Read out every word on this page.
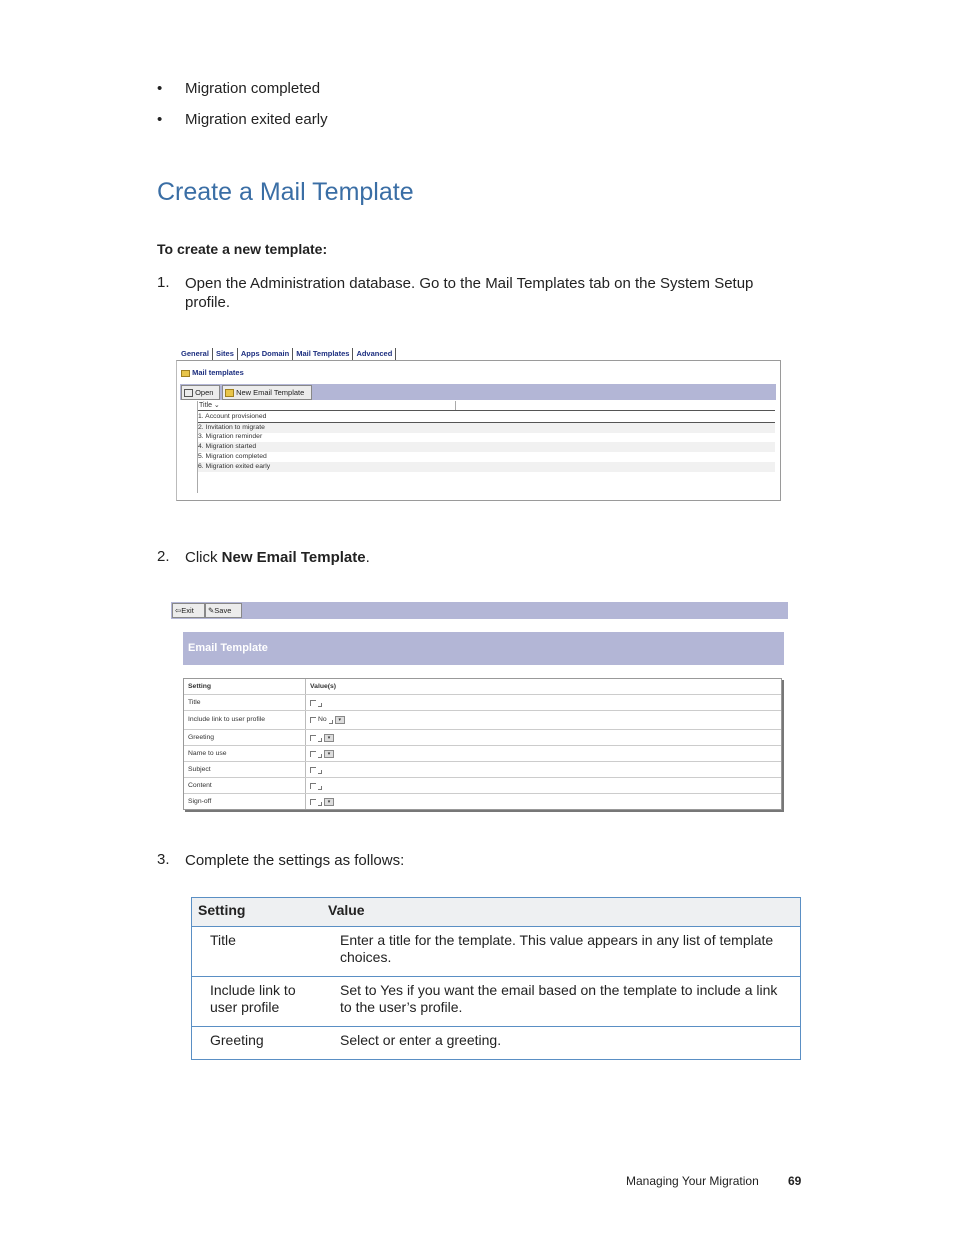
• Migration completed
• Migration exited early
Create a Mail Template
To create a new template:
1. Open the Administration database. Go to the Mail Templates tab on the System Setup profile.
General Sites Apps Domain Mail Templates Advanced
Mail templates
Open	New Email Template
Title ⌄
1. Account provisioned
2. Invitation to migrate
3. Migration reminder
4. Migration started
5. Migration completed
6. Migration exited early
2. Click New Email Template.
⇦Exit	✎Save
Email Template
Setting	Value(s)
Title
Include link to user profile	No	▾
Greeting	▾
Name to use	▾
Subject
Content
Sign-off	▾
3. Complete the settings as follows:
Setting	Value
Title	Enter a title for the template. This value appears in any list of template choices.
Include link to user profile	Set to Yes if you want the email based on the template to include a link to the user’s profile.
Greeting	Select or enter a greeting.
Managing Your Migration 69
